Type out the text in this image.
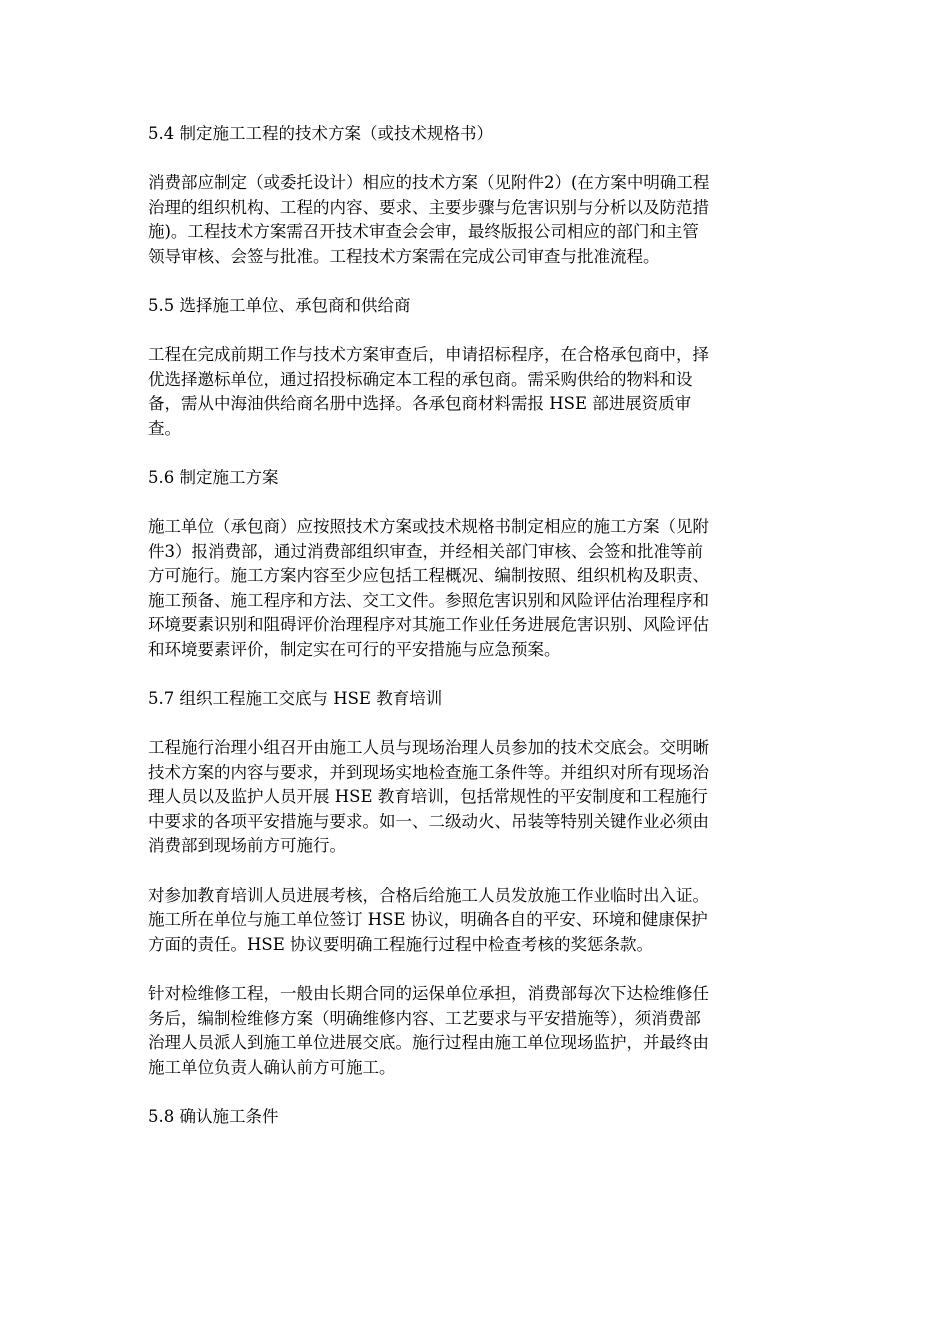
5.4 制定施工工程的技术方案（或技术规格书）
消费部应制定（或委托设计）相应的技术方案（见附件2）(在方案中明确工程
治理的组织机构、工程的内容、要求、主要步骤与危害识别与分析以及防范措
施)。工程技术方案需召开技术审查会会审，最终版报公司相应的部门和主管
领导审核、会签与批准。工程技术方案需在完成公司审查与批准流程。
5.5 选择施工单位、承包商和供给商
工程在完成前期工作与技术方案审查后，申请招标程序，在合格承包商中，择
优选择邀标单位，通过招投标确定本工程的承包商。需采购供给的物料和设
备，需从中海油供给商名册中选择。各承包商材料需报 HSE 部进展资质审
查。
5.6 制定施工方案
施工单位（承包商）应按照技术方案或技术规格书制定相应的施工方案（见附
件3）报消费部，通过消费部组织审查，并经相关部门审核、会签和批准等前
方可施行。施工方案内容至少应包括工程概况、编制按照、组织机构及职责、
施工预备、施工程序和方法、交工文件。参照危害识别和风险评估治理程序和
环境要素识别和阻碍评价治理程序对其施工作业任务进展危害识别、风险评估
和环境要素评价，制定实在可行的平安措施与应急预案。
5.7 组织工程施工交底与 HSE 教育培训
工程施行治理小组召开由施工人员与现场治理人员参加的技术交底会。交明晰
技术方案的内容与要求，并到现场实地检查施工条件等。并组织对所有现场治
理人员以及监护人员开展 HSE 教育培训，包括常规性的平安制度和工程施行
中要求的各项平安措施与要求。如一、二级动火、吊装等特别关键作业必须由
消费部到现场前方可施行。
对参加教育培训人员进展考核，合格后给施工人员发放施工作业临时出入证。
施工所在单位与施工单位签订 HSE 协议，明确各自的平安、环境和健康保护
方面的责任。HSE 协议要明确工程施行过程中检查考核的奖惩条款。
针对检维修工程，一般由长期合同的运保单位承担，消费部每次下达检维修任
务后，编制检维修方案（明确维修内容、工艺要求与平安措施等），须消费部
治理人员派人到施工单位进展交底。施行过程由施工单位现场监护，并最终由
施工单位负责人确认前方可施工。
5.8 确认施工条件
